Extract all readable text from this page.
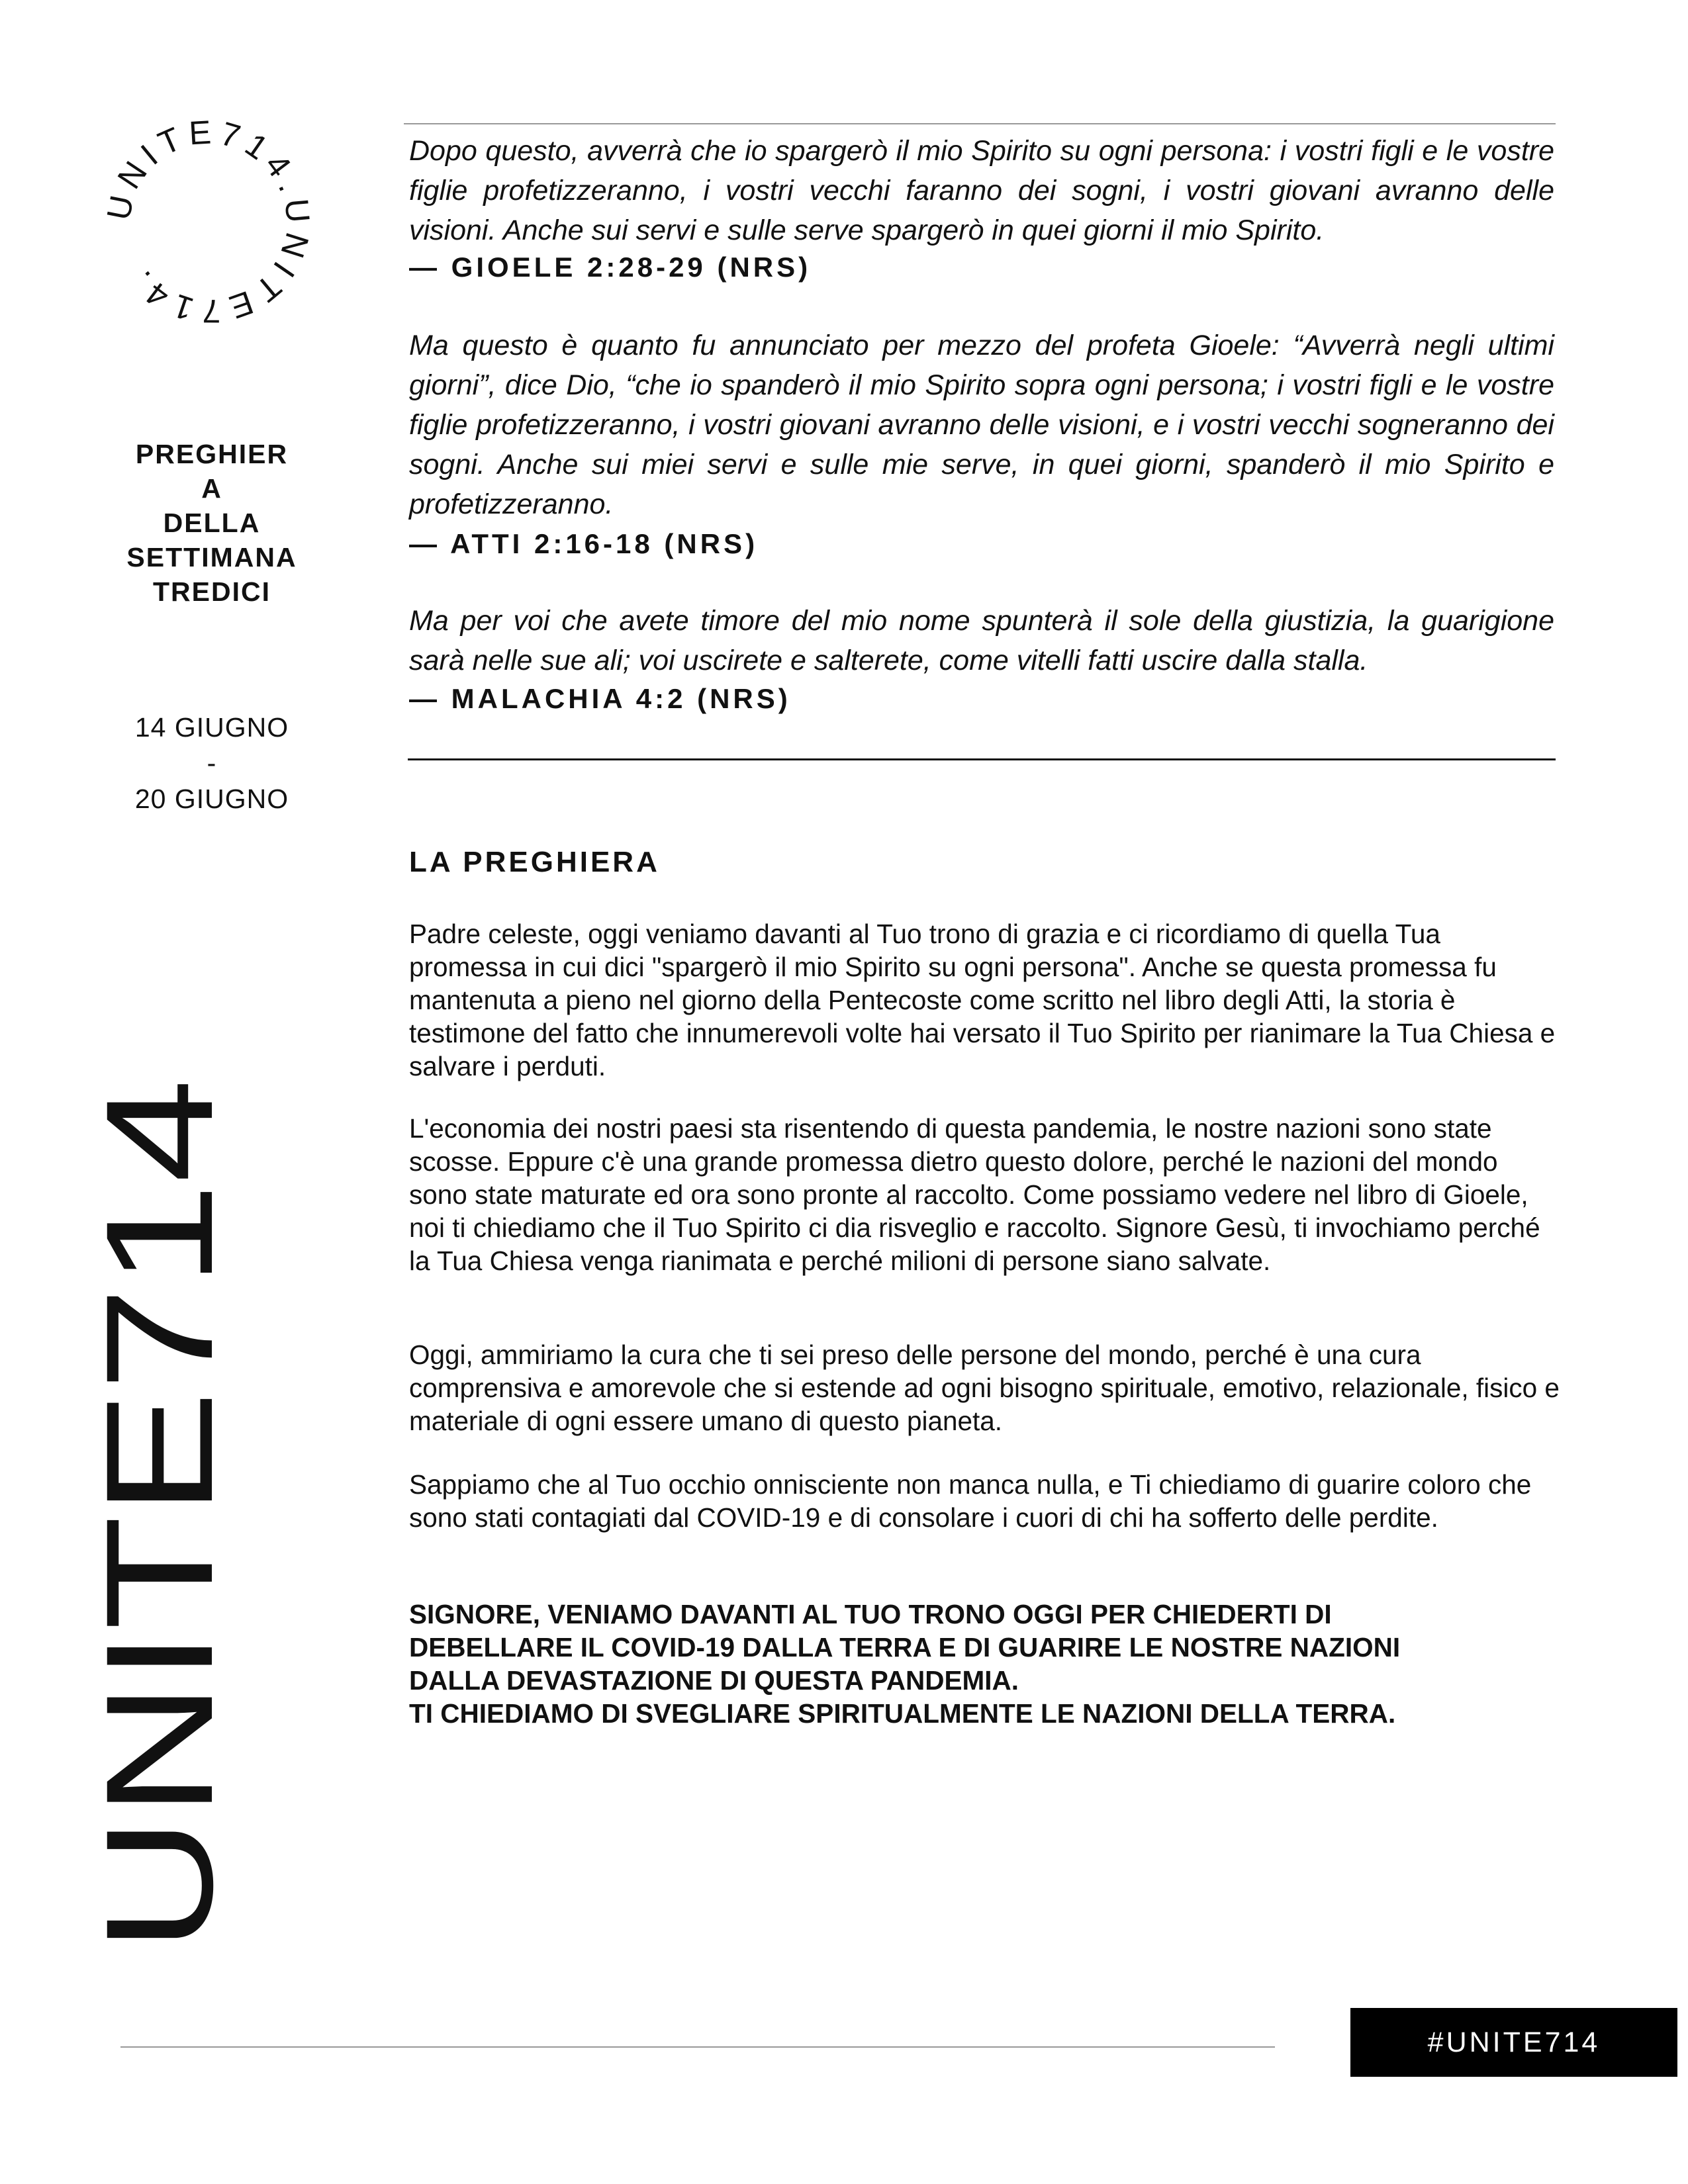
UNITE714.UNITE714.
PREGHIER
A
DELLA
SETTIMANA
TREDICI
14 GIUGNO
-
20 GIUGNO
UNITE714
Dopo questo, avverrà che io spargerò il mio Spirito su ogni persona: i vostri figli e le vostre figlie profetizzeranno, i vostri vecchi faranno dei sogni, i vostri giovani avranno delle visioni. Anche sui servi e sulle serve spargerò in quei giorni il mio Spirito.
— GIOELE 2:28-29 (NRS)
Ma questo è quanto fu annunciato per mezzo del profeta Gioele: “Avverrà negli ultimi giorni”, dice Dio, “che io spanderò il mio Spirito sopra ogni persona; i vostri figli e le vostre figlie profetizzeranno, i vostri giovani avranno delle visioni, e i vostri vecchi sogneranno dei sogni. Anche sui miei servi e sulle mie serve, in quei giorni, spanderò il mio Spirito e profetizzeranno.
— ATTI 2:16-18 (NRS)
Ma per voi che avete timore del mio nome spunterà il sole della giustizia, la guarigione sarà nelle sue ali; voi uscirete e salterete, come vitelli fatti uscire dalla stalla.
— MALACHIA 4:2 (NRS)
LA PREGHIERA
Padre celeste, oggi veniamo davanti al Tuo trono di grazia e ci ricordiamo di quella Tua promessa in cui dici "spargerò il mio Spirito su ogni persona". Anche se questa promessa fu mantenuta a pieno nel giorno della Pentecoste come scritto nel libro degli Atti, la storia è testimone del fatto che innumerevoli volte hai versato il Tuo Spirito per rianimare la Tua Chiesa e salvare i perduti.
L'economia dei nostri paesi sta risentendo di questa pandemia, le nostre nazioni sono state scosse. Eppure c'è una grande promessa dietro questo dolore, perché le nazioni del mondo sono state maturate ed ora sono pronte al raccolto. Come possiamo vedere nel libro di Gioele, noi ti chiediamo che il Tuo Spirito ci dia risveglio e raccolto. Signore Gesù, ti invochiamo perché la Tua Chiesa venga rianimata e perché milioni di persone siano salvate.
Oggi, ammiriamo la cura che ti sei preso delle persone del mondo, perché è una cura comprensiva e amorevole che si estende ad ogni bisogno spirituale, emotivo, relazionale, fisico e materiale di ogni essere umano di questo pianeta.
Sappiamo che al Tuo occhio onnisciente non manca nulla, e Ti chiediamo di guarire coloro che sono stati contagiati dal COVID-19 e di consolare i cuori di chi ha sofferto delle perdite.
SIGNORE, VENIAMO DAVANTI AL TUO TRONO OGGI PER CHIEDERTI DI
DEBELLARE IL COVID-19 DALLA TERRA E DI GUARIRE LE NOSTRE NAZIONI
DALLA DEVASTAZIONE DI QUESTA PANDEMIA.
TI CHIEDIAMO DI SVEGLIARE SPIRITUALMENTE LE NAZIONI DELLA TERRA.
#UNITE714
